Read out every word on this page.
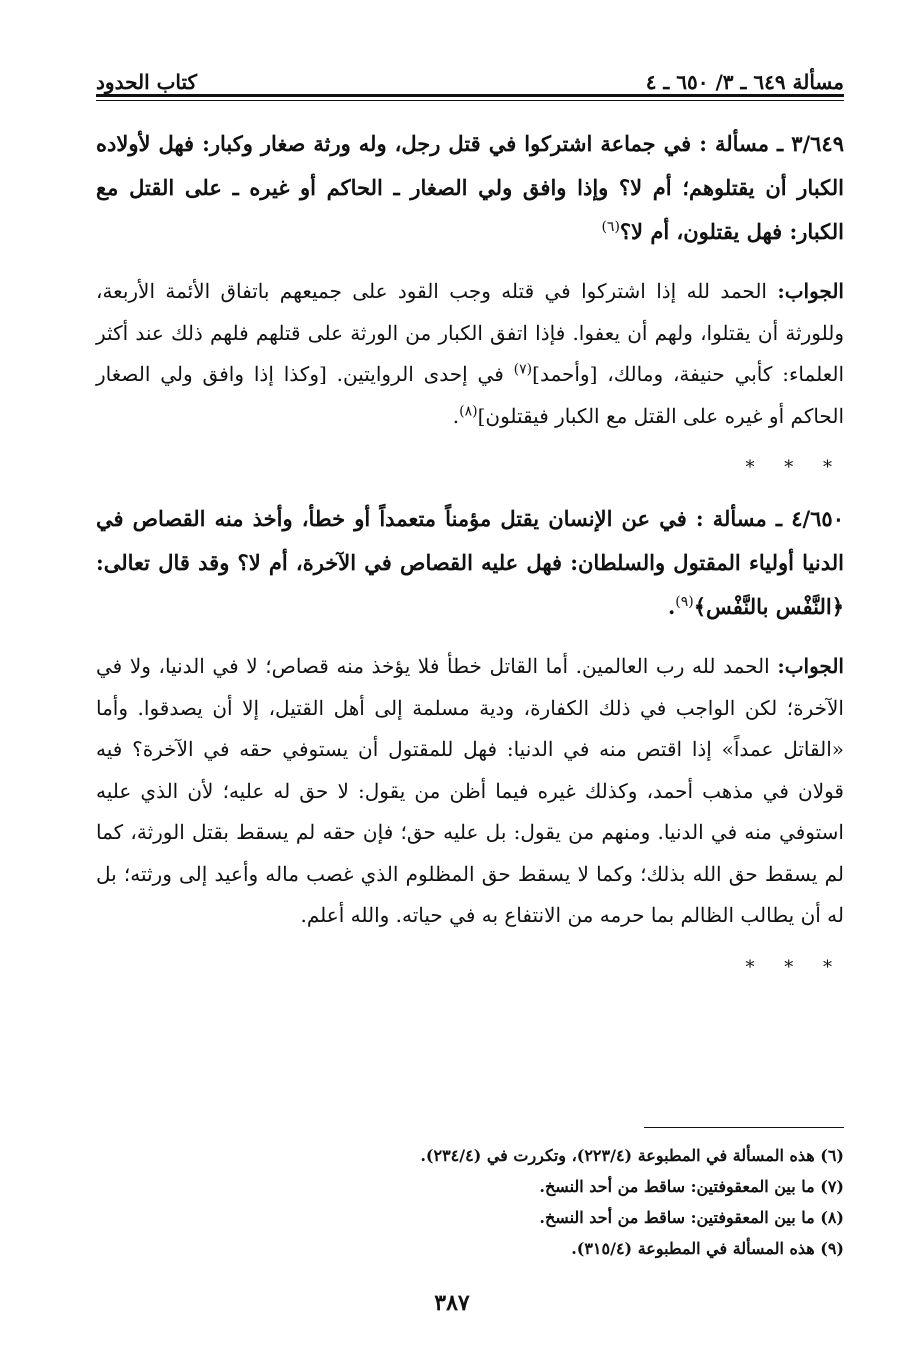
مسألة ٦٤٩ ـ ٣/ ٦٥٠ ـ ٤
كتاب الحدود

٣/٦٤٩ ـ مسألة : في جماعة اشتركوا في قتل رجل، وله ورثة صغار وكبار: فهل لأولاده الكبار أن يقتلوهم؛ أم لا؟ وإذا وافق ولي الصغار ـ الحاكم أو غيره ـ على القتل مع الكبار: فهل يقتلون، أم لا؟$^{(٦)}$

الجواب: الحمد لله إذا اشتركوا في قتله وجب القود على جميعهم باتفاق الأئمة الأربعة، وللورثة أن يقتلوا، ولهم أن يعفوا. فإذا اتفق الكبار من الورثة على قتلهم فلهم ذلك عند أكثر العلماء: كأبي حنيفة، ومالك، [وأحمد]$^{(٧)}$ في إحدى الروايتين. [وكذا إذا وافق ولي الصغار الحاكم أو غيره على القتل مع الكبار فيقتلون]$^{(٨)}$.

* * *

٤/٦٥٠ ـ مسألة : في عن الإنسان يقتل مؤمناً متعمداً أو خطأ، وأخذ منه القصاص في الدنيا أولياء المقتول والسلطان: فهل عليه القصاص في الآخرة، أم لا؟ وقد قال تعالى: ﴿النَّفْس بالنَّفْس﴾$^{(٩)}$.

الجواب: الحمد لله رب العالمين. أما القاتل خطأ فلا يؤخذ منه قصاص؛ لا في الدنيا، ولا في الآخرة؛ لكن الواجب في ذلك الكفارة، ودية مسلمة إلى أهل القتيل، إلا أن يصدقوا. وأما «القاتل عمداً» إذا اقتص منه في الدنيا: فهل للمقتول أن يستوفي حقه في الآخرة؟ فيه قولان في مذهب أحمد، وكذلك غيره فيما أظن من يقول: لا حق له عليه؛ لأن الذي عليه استوفي منه في الدنيا. ومنهم من يقول: بل عليه حق؛ فإن حقه لم يسقط بقتل الورثة، كما لم يسقط حق الله بذلك؛ وكما لا يسقط حق المظلوم الذي غصب ماله وأعيد إلى ورثته؛ بل له أن يطالب الظالم بما حرمه من الانتفاع به في حياته. والله أعلم.

* * *

(٦) هذه المسألة في المطبوعة (٢٢٣/٤)، وتكررت في (٢٣٤/٤).

(٧) ما بين المعقوفتين: ساقط من أحد النسخ.

(٨) ما بين المعقوفتين: ساقط من أحد النسخ.

(٩) هذه المسألة في المطبوعة (٣١٥/٤).

٣٨٧
